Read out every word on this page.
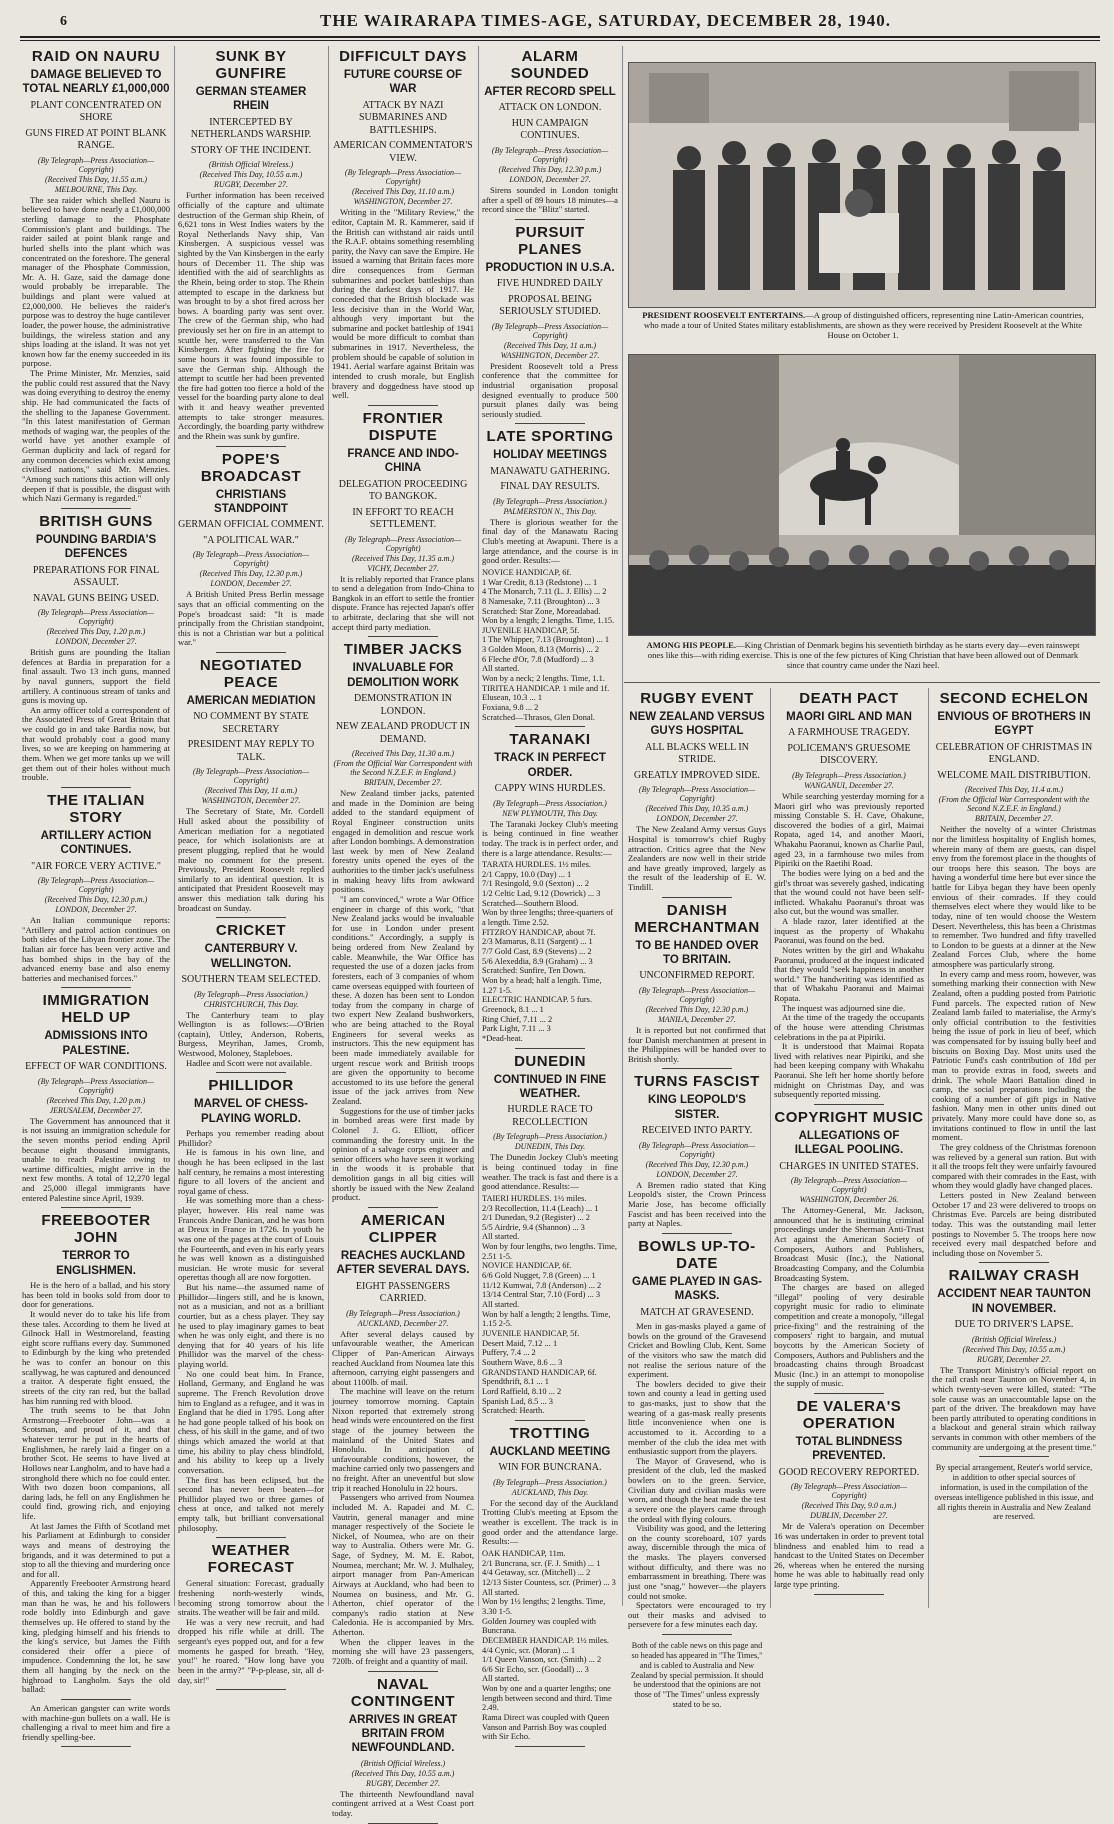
6	THE WAIRARAPA TIMES-AGE, SATURDAY, DECEMBER 28, 1940.
RAID ON NAURU
DAMAGE BELIEVED TO TOTAL NEARLY £1,000,000
PLANT CONCENTRATED ON SHORE
GUNS FIRED AT POINT BLANK RANGE.
(By Telegraph—Press Association—Copyright)
(Received This Day, 11.55 a.m.)
MELBOURNE, This Day.

The sea raider which shelled Nauru is believed to have done nearly a £1,000,000 sterling damage to the Phosphate Commission's plant and buildings. The raider sailed at point blank range and hurled shells into the plant which was concentrated on the foreshore. The general manager of the Phosphate Commission, Mr. A. H. Gaze, said the damage done would probably be irreparable. The buildings and plant were valued at £2,000,000. He believes the raider's purpose was to destroy the huge cantilever loader, the power house, the administrative buildings, the wireless station and any ships loading at the island. It was not yet known how far the enemy succeeded in its purpose.

The Prime Minister, Mr. Menzies, said the public could rest assured that the Navy was doing everything to destroy the enemy ship. He had communicated the facts of the shelling to the Japanese Government. "In this latest manifestation of German methods of waging war, the peoples of the world have yet another example of German duplicity and lack of regard for any common decencies which exist among civilised nations," said Mr. Menzies. "Among such nations this action will only deepen if that is possible, the disgust with which Nazi Germany is regarded."

BRITISH GUNS
POUNDING BARDIA'S DEFENCES
PREPARATIONS FOR FINAL ASSAULT.
NAVAL GUNS BEING USED.
(By Telegraph—Press Association—Copyright)
(Received This Day, 1.20 p.m.)
LONDON, December 27.

British guns are pounding the Italian defences at Bardia in preparation for a final assault. Two 13 inch guns, manned by naval gunners, support the field artillery. A continuous stream of tanks and guns is moving up.

An army officer told a correspondent of the Associated Press of Great Britain that we could go in and take Bardia now, but that would probably cost a good many lives, so we are keeping on hammering at them. When we get more tanks up we will get them out of their holes without much trouble.

THE ITALIAN STORY
ARTILLERY ACTION CONTINUES.
"AIR FORCE VERY ACTIVE."
(By Telegraph—Press Association—Copyright)
(Received This Day, 12.30 p.m.)
LONDON, December 27.

An Italian communique reports: "Artillery and patrol action continues on both sides of the Libyan frontier zone. The Italian air force has been very active and has bombed ships in the bay of the advanced enemy base and also enemy batteries and mechanised forces."

IMMIGRATION HELD UP
ADMISSIONS INTO PALESTINE.
EFFECT OF WAR CONDITIONS.
(By Telegraph—Press Association—Copyright)
(Received This Day, 1.20 p.m.)
JERUSALEM, December 27.

The Government has announced that it is not issuing an immigration schedule for the seven months period ending April because eight thousand immigrants, unable to reach Palestine owing to wartime difficulties, might arrive in the next few months. A total of 12,270 legal and 25,000 illegal immigrants have entered Palestine since April, 1939.

FREEBOOTER JOHN
TERROR TO ENGLISHMEN.

He is the hero of a ballad, and his story has been told in books sold from door to door for generations.

It would never do to take his life from these tales. According to them he lived at Gilnock Hall in Westmoreland, feasting eight score ruffians every day. Summoned to Edinburgh by the king who pretended he was to confer an honour on this scallywag, he was captured and denounced a traitor. A desperate fight ensued, the streets of the city ran red, but the ballad has him running red with blood.

The truth seems to be that John Armstrong—Freebooter John—was a Scotsman, and proud of it, and that whatever terror he put in the hearts of Englishmen, he rarely laid a finger on a brother Scot. He seems to have lived at Hollows near Langholm, and to have had a stronghold there which no foe could enter. With two dozen boon companions, all daring lads, he fell on any Englishmen he could find, growing rich, and enjoying life.

At last James the Fifth of Scotland met his Parliament at Edinburgh to consider ways and means of destroying the brigands, and it was determined to put a stop to all the thieving and murdering once and for all.

Apparently Freebooter Armstrong heard of this, and taking the king for a bigger man than he was, he and his followers rode boldly into Edinburgh and gave themselves up. He offered to stand by the king, pledging himself and his friends to the king's service, but James the Fifth considered their offer a piece of impudence. Condemning the lot, he saw them all hanging by the neck on the highroad to Langholm. Says the old ballad:

An American gangster can write words with machine-gun bullets on a wall. He is challenging a rival to meet him and fire a friendly spelling-bee.

SUNK BY GUNFIRE
GERMAN STEAMER RHEIN
INTERCEPTED BY NETHERLANDS WARSHIP.
STORY OF THE INCIDENT.
(British Official Wireless.)
(Received This Day, 10.55 a.m.)
RUGBY, December 27.

Further information has been received officially of the capture and ultimate destruction of the German ship Rhein, of 6,621 tons in West Indies waters by the Royal Netherlands Navy ship, Van Kinsbergen. A suspicious vessel was sighted by the Van Kinsbergen in the early hours of December 11. The ship was identified with the aid of searchlights as the Rhein, being order to stop. The Rhein attempted to escape in the darkness but was brought to by a shot fired across her bows. A boarding party was sent over. The crew of the German ship, who had previously set her on fire in an attempt to scuttle her, were transferred to the Van Kinsbergen. After fighting the fire for some hours it was found impossible to save the German ship. Although the attempt to scuttle her had been prevented the fire had gotten too fierce a hold of the vessel for the boarding party alone to deal with it and heavy weather prevented attempts to take stronger measures. Accordingly, the boarding party withdrew and the Rhein was sunk by gunfire.

POPE'S BROADCAST
CHRISTIANS STANDPOINT
GERMAN OFFICIAL COMMENT.
"A POLITICAL WAR."
(By Telegraph—Press Association—Copyright)
(Received This Day, 12.30 p.m.)
LONDON, December 27.

A British United Press Berlin message says that an official commenting on the Pope's broadcast said: "It is made principally from the Christian standpoint, this is not a Christian war but a political war."

NEGOTIATED PEACE
AMERICAN MEDIATION
NO COMMENT BY STATE SECRETARY
PRESIDENT MAY REPLY TO TALK.
(By Telegraph—Press Association—Copyright)
(Received This Day, 11 a.m.)
WASHINGTON, December 27.

The Secretary of State, Mr. Cordell Hull asked about the possibility of American mediation for a negotiated peace, for which isolationists are at present plugging, replied that he would make no comment for the present. Previously, President Roosevelt replied similarly to an identical question. It is anticipated that President Roosevelt may answer this mediation talk during his broadcast on Sunday.

CRICKET
CANTERBURY V. WELLINGTON.
SOUTHERN TEAM SELECTED.
(By Telegraph—Press Association.)
CHRISTCHURCH, This Day.

The Canterbury team to play Wellington is as follows:—O'Brien (captain), Uttley, Anderson, Roberts, Burgess, Meyrihan, James, Cromb, Westwood, Moloney, Stapleboes.

Hadlee and Scott were not available.

PHILLIDOR
MARVEL OF CHESS-PLAYING WORLD.

Perhaps you remember reading about Phillidor?

He is famous in his own line, and though he has been eclipsed in the last half century, he remains a most interesting figure to all lovers of the ancient and royal game of chess.

He was something more than a chess-player, however. His real name was Francois Andre Danican, and he was born at Dreux in France in 1726. In youth he was one of the pages at the court of Louis the Fourteenth, and even in his early years he was well known as a distinguished musician. He wrote music for several operettas though all are now forgotten.

But his name—the assumed name of Phillidor—lingers still, and he is known, not as a musician, and not as a brilliant courtier, but as a chess player. They say he used to play imaginary games to beat when he was only eight, and there is no denying that for 40 years of his life Phillidor was the marvel of the chess-playing world.

No one could beat him. In France, Holland, Germany, and England he was supreme. The French Revolution drove him to England as a refugee, and it was in England that he died in 1795. Long after he had gone people talked of his book on chess, of his skill in the game, and of two things which amazed the world at that time, his ability to play chess blindfold, and his ability to keep up a lively conversation.

The first has been eclipsed, but the second has never been beaten—for Phillidor played two or three games of chess at once, and talked not merely empty talk, but brilliant conversational philosophy.

WEATHER FORECAST

General situation: Forecast, gradually freshening north-westerly winds, becoming strong tomorrow about the straits. The weather will be fair and mild.

He was a very new recruit, and had dropped his rifle while at drill. The sergeant's eyes popped out, and for a few moments he gasped for breath. "Hey, you!" he roared. "How long have you been in the army?" "P-p-please, sir, all d-day, sir!"

DIFFICULT DAYS
FUTURE COURSE OF WAR
ATTACK BY NAZI SUBMARINES AND BATTLESHIPS.
AMERICAN COMMENTATOR'S VIEW.
(By Telegraph—Press Association—Copyright)
(Received This Day, 11.10 a.m.)
WASHINGTON, December 27.

Writing in the "Military Review," the editor, Captain M. R. Kammerer, said if the British can withstand air raids until the R.A.F. obtains something resembling parity, the Navy can save the Empire. He issued a warning that Britain faces more dire consequences from German submarines and pocket battleships than during the darkest days of 1917. He conceded that the British blockade was less decisive than in the World War, although very important but the submarine and pocket battleship of 1941 would be more difficult to combat than submarines in 1917. Nevertheless, the problem should be capable of solution in 1941. Aerial warfare against Britain was intended to crush morale, but English bravery and doggedness have stood up well.

FRONTIER DISPUTE
FRANCE AND INDO-CHINA
DELEGATION PROCEEDING TO BANGKOK.
IN EFFORT TO REACH SETTLEMENT.
(By Telegraph—Press Association—Copyright)
(Received This Day, 11.35 a.m.)
VICHY, December 27.

It is reliably reported that France plans to send a delegation from Indo-China to Bangkok in an effort to settle the frontier dispute. France has rejected Japan's offer to arbitrate, declaring that she will not accept third party mediation.

TIMBER JACKS
INVALUABLE FOR DEMOLITION WORK
DEMONSTRATION IN LONDON.
NEW ZEALAND PRODUCT IN DEMAND.
(Received This Day, 11.30 a.m.)
(From the Official War Correspondent with the Second N.Z.E.F. in England.)
BRITAIN, December 27.

New Zealand timber jacks, patented and made in the Dominion are being added to the standard equipment of Royal Engineer construction units engaged in demolition and rescue work after London bombings. A demonstration last week by men of New Zealand forestry units opened the eyes of the authorities to the timber jack's usefulness in making heavy lifts from awkward positions.

"I am convinced," wrote a War Office engineer in charge of this work, "that New Zealand jacks would be invaluable for use in London under present conditions." Accordingly, a supply is being ordered from New Zealand by cable. Meanwhile, the War Office has requested the use of a dozen jacks from foresters, each of 3 companies of whom came overseas equipped with fourteen of these. A dozen has been sent to London today from the company in charge of two expert New Zealand bushworkers, who are being attached to the Royal Engineers for several weeks as instructors. This the new equipment has been made immediately available for urgent rescue work and British troops are given the opportunity to become accustomed to its use before the general issue of the jack arrives from New Zealand.

Suggestions for the use of timber jacks in bombed areas were first made by Colonel J. G. Elliott, officer commanding the forestry unit. In the opinion of a salvage corps engineer and senior officers who have seen it working in the woods it is probable that demolition gangs in all big cities will shortly be issued with the New Zealand product.

AMERICAN CLIPPER
REACHES AUCKLAND AFTER SEVERAL DAYS.
EIGHT PASSENGERS CARRIED.
(By Telegraph—Press Association.)
AUCKLAND, December 27.

After several delays caused by unfavourable weather, the American Clipper of Pan-American Airways reached Auckland from Noumea late this afternoon, carrying eight passengers and about 1100lb. of mail.

The machine will leave on the return journey tomorrow morning. Captain Nixon reported that extremely strong head winds were encountered on the first stage of the journey between the mainland of the United States and Honolulu. In anticipation of unfavourable conditions, however, the machine carried only two passengers and no freight. After an uneventful but slow trip it reached Honolulu in 22 hours.

Passengers who arrived from Noumea included M. A. Rapadei and M. C. Vautrin, general manager and mine manager respectively of the Societe le Nickel, of Noumea, who are on their way to Australia. Others were Mr. G. Sage, of Sydney, M. M. E. Rabot, Noumea, merchant; Mr. W. J. Mulhaley, airport manager from Pan-American Airways at Auckland, who had been to Noumea on business, and Mr. G. Atherton, chief operator of the company's radio station at New Caledonia. He is accompanied by Mrs. Atherton.

When the clipper leaves in the morning she will have 23 passengers, 720lb. of freight and a quantity of mail.

NAVAL CONTINGENT
ARRIVES IN GREAT BRITAIN FROM NEWFOUNDLAND.
(British Official Wireless.)
(Received This Day, 10.55 a.m.)
RUGBY, December 27.

The thirteenth Newfoundland naval contingent arrived at a West Coast port today.

ALARM SOUNDED
AFTER RECORD SPELL
ATTACK ON LONDON.
HUN CAMPAIGN CONTINUES.
(By Telegraph—Press Association—Copyright)
(Received This Day, 12.30 p.m.)
LONDON, December 27.

Sirens sounded in London tonight after a spell of 89 hours 18 minutes—a record since the "Blitz" started.

PURSUIT PLANES
PRODUCTION IN U.S.A.
FIVE HUNDRED DAILY
PROPOSAL BEING SERIOUSLY STUDIED.
(By Telegraph—Press Association—Copyright)
(Received This Day, 11 a.m.)
WASHINGTON, December 27.

President Roosevelt told a Press conference that the committee for industrial organisation proposal designed eventually to produce 500 pursuit planes daily was being seriously studied.

LATE SPORTING
HOLIDAY MEETINGS
MANAWATU GATHERING.
FINAL DAY RESULTS.
(By Telegraph—Press Association.)
PALMERSTON N., This Day.

There is glorious weather for the final day of the Manawatu Racing Club's meeting at Awapuni. There is a large attendance, and the course is in good order. Results:—

NOVICE HANDICAP, 6f.
1 War Credit, 8.13 (Redstone) ... 1
4 The Monarch, 7.11 (L. J. Ellis) ... 2
8 Namesake, 7.11 (Broughton) ... 3
Scratched: Star Zone, Moreadabad.
Won by a length; 2 lengths. Time, 1.15.
JUVENILE HANDICAP, 5f.
1 The Whipper, 7.13 (Broughton) ... 1
3 Golden Moon, 8.13 (Morris) ... 2
6 Fleche d'Or, 7.8 (Mudford) ... 3
All started.
Won by a neck; 2 lengths. Time, 1.1.
TIRITEA HANDICAP. 1 mile and 1f.
Elusean, 10.3 ... 1
Foxiana, 9.8 ... 2
Scratched—Thrasos, Glen Donal.
TARANAKI
TRACK IN PERFECT ORDER.
CAPPY WINS HURDLES.
(By Telegraph—Press Association.)
NEW PLYMOUTH, This Day.

The Taranaki Jockey Club's meeting is being continued in fine weather today. The track is in perfect order, and there is a large attendance. Results:—

TARATA HURDLES. 1½ miles.
2/1 Cappy, 10.0 (Day) ... 1
7/1 Resingold, 9.0 (Sexton) ... 2
1/2 Celtic Lad, 9.12 (Dowrick) ... 3
Scratched—Southern Blood.
Won by three lengths; three-quarters of a length. Time 2.52.
FITZROY HANDICAP, about 7f.
2/3 Mamarus, 8.11 (Sargent) ... 1
7/7 Gold Cast, 8.9 (Stevens) ... 2
5/6 Alexeddia, 8.9 (Graham) ... 3
Scratched: Sunfire, Ten Down.
Won by a head; half a length. Time, 1.27 1-5.
ELECTRIC HANDICAP. 5 furs.
Greenock, 8.1 ... 1
Ring Chief, 7.11 ... 2
Park Light, 7.11 ... 3
*Dead-heat.
DUNEDIN
CONTINUED IN FINE WEATHER.
HURDLE RACE TO RECOLLECTION
(By Telegraph—Press Association.)
DUNEDIN, This Day.

The Dunedin Jockey Club's meeting is being continued today in fine weather. The track is fast and there is a good attendance. Results:—

TAIERI HURDLES. 1½ miles.
2/3 Recollection, 11.4 (Leach) ... 1
2/1 Dunedan, 9.2 (Register) ... 2
5/5 Airdrie, 9.4 (Shannon) ... 3
All started.
Won by four lengths, two lengths. Time, 2.51 1-5.
NOVICE HANDICAP, 6f.
6/6 Gold Nugget, 7.8 (Green) ... 1
11/12 Kumwai, 7.8 (Anderson) ... 2
13/14 Central Star, 7.10 (Ford) ... 3
All started.
Won by half a length; 2 lengths. Time, 1.15 2-5.
JUVENILE HANDICAP, 5f.
Desert Maid, 7.12 ... 1
Puffery, 7.4 ... 2
Southern Wave, 8.6 ... 3
GRANDSTAND HANDICAP, 6f.
Spendthrift, 8.1 ... 1
Lord Raffield, 8.10 ... 2
Spanish Lad, 8.5 ... 3
Scratched: Hearth.
TROTTING
AUCKLAND MEETING
WIN FOR BUNCRANA.
(By Telegraph—Press Association.)
AUCKLAND, This Day.

For the second day of the Auckland Trotting Club's meeting at Epsom the weather is excellent. The track is in good order and the attendance large. Results:—

OAK HANDICAP, 11m.
2/1 Buncrana, scr. (F. J. Smith) ... 1
4/4 Getaway, scr. (Mitchell) ... 2
12/13 Sister Countess, scr. (Primer) ... 3
All started.
Won by 1½ lengths; 2 lengths. Time, 3.30 1-5.
Golden Journey was coupled with Buncrana.
DECEMBER HANDICAP. 1½ miles.
4/4 Cynic, scr. (Moran) ... 1
1/1 Queen Vanson, scr. (Smith) ... 2
6/6 Sir Echo, scr. (Goodall) ... 3
All started.
Won by one and a quarter lengths; one length between second and third. Time 2.49.
Rama Direct was coupled with Queen Vanson and Parrish Boy was coupled with Sir Echo.
PRESIDENT ROOSEVELT ENTERTAINS.—A group of distinguished officers, representing nine Latin-American countries, who made a tour of United States military establishments, are shown as they were received by President Roosevelt at the White House on October 1.
AMONG HIS PEOPLE.—King Christian of Denmark begins his seventieth birthday as he starts every day—even rainswept ones like this—with riding exercise. This is one of the few pictures of King Christian that have been allowed out of Denmark since that country came under the Nazi heel.
RUGBY EVENT
NEW ZEALAND VERSUS GUYS HOSPITAL
ALL BLACKS WELL IN STRIDE.
GREATLY IMPROVED SIDE.
(By Telegraph—Press Association—Copyright)
(Received This Day, 10.35 a.m.)
LONDON, December 27.

The New Zealand Army versus Guys Hospital is tomorrow's chief Rugby attraction. Critics agree that the New Zealanders are now well in their stride and have greatly improved, largely as the result of the leadership of E. W. Tindill.

DANISH MERCHANTMAN
TO BE HANDED OVER TO BRITAIN.
UNCONFIRMED REPORT.
(By Telegraph—Press Association—Copyright)
(Received This Day, 12.30 p.m.)
MANILA, December 27.

It is reported but not confirmed that four Danish merchantmen at present in the Philippines will be handed over to British shortly.

TURNS FASCIST
KING LEOPOLD'S SISTER.
RECEIVED INTO PARTY.
(By Telegraph—Press Association—Copyright)
(Received This Day, 12.30 p.m.)
LONDON, December 27.

A Bremen radio stated that King Leopold's sister, the Crown Princess Marie Jose, has become officially Fascist and has been received into the party at Naples.

BOWLS UP-TO-DATE
GAME PLAYED IN GAS-MASKS.
MATCH AT GRAVESEND.

Men in gas-masks played a game of bowls on the ground of the Gravesend Cricket and Bowling Club, Kent. Some of the visitors who saw the match did not realise the serious nature of the experiment.

The bowlers decided to give their town and county a lead in getting used to gas-masks, just to show that the wearing of a gas-mask really presents little inconvenience when one is accustomed to it. According to a member of the club the idea met with enthusiastic support from the players.

The Mayor of Gravesend, who is president of the club, led the masked bowlers on to the green. Service, Civilian duty and civilian masks were worn, and though the heat made the test a severe one the players came through the ordeal with flying colours.

Visibility was good, and the lettering on the county scoreboard, 107 yards away, discernible through the mica of the masks. The players conversed without difficulty, and there was no embarrassment in breathing. There was just one "snag," however—the players could not smoke.

Spectators were encouraged to try out their masks and advised to persevere for a few minutes each day.

Both of the cable news on this page and so headed has appeared in "The Times," and is cabled to Australia and New Zealand by special permission. It should be understood that the opinions are not those of "The Times" unless expressly stated to be so.
DEATH PACT
MAORI GIRL AND MAN
A FARMHOUSE TRAGEDY.
POLICEMAN'S GRUESOME DISCOVERY.
(By Telegraph—Press Association.)
WANGANUI, December 27.

While searching yesterday morning for a Maori girl who was previously reported missing Constable S. H. Cave, Ohakune, discovered the bodies of a girl, Maimai Ropata, aged 14, and another Maori, Whakahu Paoranui, known as Charlie Paul, aged 23, in a farmhouse two miles from Pipiriki on the Raetihi Road.

The bodies were lying on a bed and the girl's throat was severely gashed, indicating that the wound could not have been self-inflicted. Whakahu Paoranui's throat was also cut, but the wound was smaller.

A blade razor, later identified at the inquest as the property of Whakahu Paoranui, was found on the bed.

Notes written by the girl and Whakahu Paoranui, produced at the inquest indicated that they would "seek happiness in another world." The handwriting was identified as that of Whakahu Paoranui and Maimai Ropata.

The inquest was adjourned sine die.

At the time of the tragedy the occupants of the house were attending Christmas celebrations in the pa at Pipiriki.

It is understood that Maimai Ropata lived with relatives near Pipiriki, and she had been keeping company with Whakahu Paoranui. She left her home shortly before midnight on Christmas Day, and was subsequently reported missing.

COPYRIGHT MUSIC
ALLEGATIONS OF ILLEGAL POOLING.
CHARGES IN UNITED STATES.
(By Telegraph—Press Association—Copyright)
WASHINGTON, December 26.

The Attorney-General, Mr. Jackson, announced that he is instituting criminal proceedings under the Sherman Anti-Trust Act against the American Society of Composers, Authors and Publishers, Broadcast Music (Inc.), the National Broadcasting Company, and the Columbia Broadcasting System.

The charges are based on alleged "illegal" pooling of very desirable copyright music for radio to eliminate competition and create a monopoly, "illegal price-fixing" and the restraining of the composers' right to bargain, and mutual boycotts by the American Society of Composers, Authors and Publishers and the broadcasting chains through Broadcast Music (Inc.) in an attempt to monopolise the supply of music.

DE VALERA'S OPERATION
TOTAL BLINDNESS PREVENTED.
GOOD RECOVERY REPORTED.
(By Telegraph—Press Association—Copyright)
(Received This Day, 9.0 a.m.)
DUBLIN, December 27.

Mr de Valera's operation on December 16 was undertaken in order to prevent total blindness and enabled him to read a handcast to the United States on December 26, whereas when he entered the nursing home he was able to habitually read only large type printing.

SECOND ECHELON
ENVIOUS OF BROTHERS IN EGYPT
CELEBRATION OF CHRISTMAS IN ENGLAND.
WELCOME MAIL DISTRIBUTION.
(Received This Day, 11.4 a.m.)
(From the Official War Correspondent with the Second N.Z.E.F. in England.)
BRITAIN, December 27.

Neither the novelty of a winter Christmas nor the limitless hospitality of English homes, wherein many of them are guests, can dispel envy from the foremost place in the thoughts of our troops here this season. The boys are having a wonderful time here but ever since the battle for Libya began they have been openly envious of their comrades. If they could themselves elect where they would like to be today, nine of ten would choose the Western Desert. Nevertheless, this has been a Christmas to remember. Two hundred and fifty travelled to London to be guests at a dinner at the New Zealand Forces Club, where the home atmosphere was particularly strong.

In every camp and mess room, however, was something marking their connection with New Zealand, often a pudding posted from Patriotic Fund parcels. The expected ration of New Zealand lamb failed to materialise, the Army's only official contribution to the festivities being the issue of pork in lieu of beef, which was compensated for by issuing bully beef and biscuits on Boxing Day. Most units used the Patriotic Fund's cash contribution of 18d per man to provide extras in food, sweets and drink. The whole Maori Battalion dined in camp, the social preparations including the cooking of a number of gift pigs in Native fashion. Many men in other units dined out privately. Many more could have done so, as invitations continued to flow in until the last moment.

The grey coldness of the Christmas forenoon was relieved by a general sun ration. But with it all the troops felt they were unfairly favoured compared with their comrades in the East, with whom they would gladly have changed places.

Letters posted in New Zealand between October 17 and 23 were delivered to troops on Christmas Eve. Parcels are being distributed today. This was the outstanding mail letter postings to November 5. The troops here now received every mail despatched before and including those on November 5.

RAILWAY CRASH
ACCIDENT NEAR TAUNTON IN NOVEMBER.
DUE TO DRIVER'S LAPSE.
(British Official Wireless.)
(Received This Day, 10.55 a.m.)
RUGBY, December 27.

The Transport Ministry's official report on the rail crash near Taunton on November 4, in which twenty-seven were killed, stated: "The sole cause was an unaccountable lapse on the part of the driver. The breakdown may have been partly attributed to operating conditions in a blackout and general strain which railway servants in common with other members of the community are undergoing at the present time."

By special arrangement, Reuter's world service, in addition to other special sources of information, is used in the compilation of the overseas intelligence published in this issue, and all rights therein in Australia and New Zealand are reserved.
